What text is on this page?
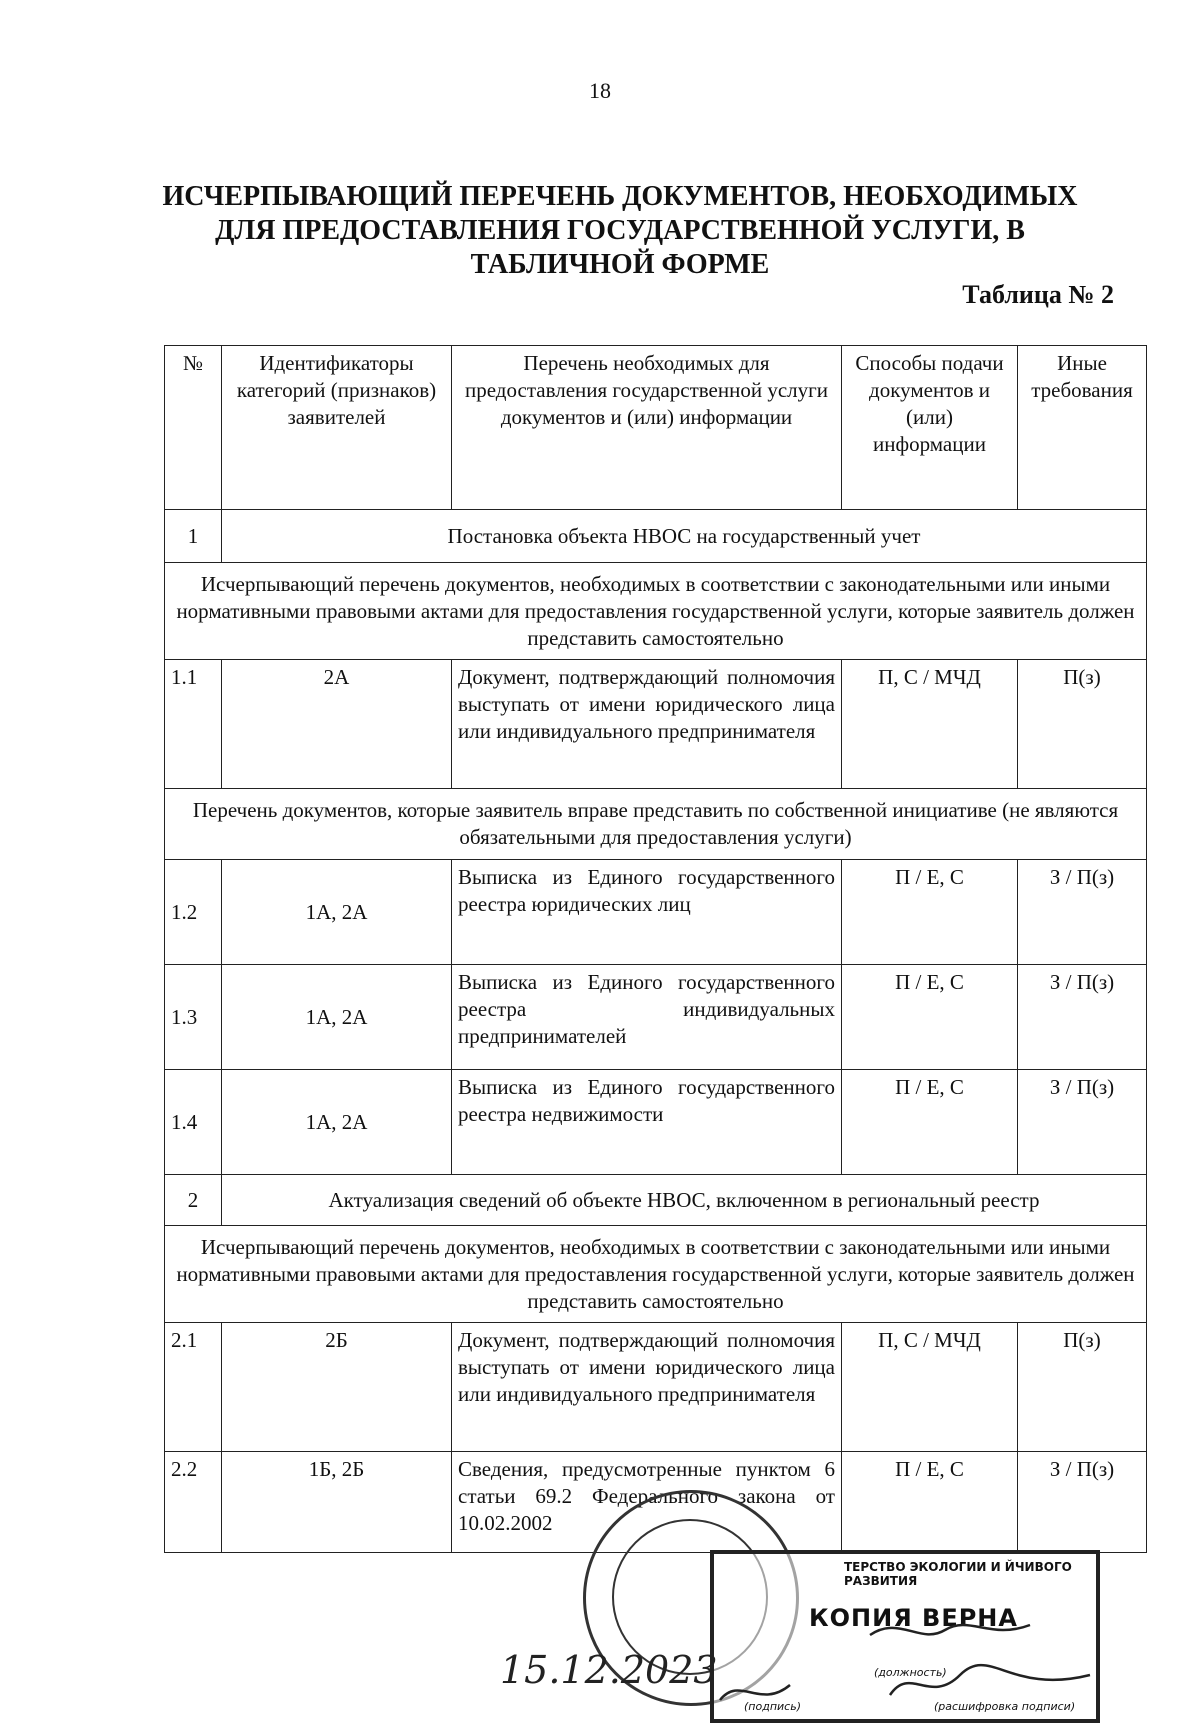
18
ИСЧЕРПЫВАЮЩИЙ ПЕРЕЧЕНЬ ДОКУМЕНТОВ, НЕОБХОДИМЫХ ДЛЯ ПРЕДОСТАВЛЕНИЯ ГОСУДАРСТВЕННОЙ УСЛУГИ, В ТАБЛИЧНОЙ ФОРМЕ
Таблица № 2
№	Идентификаторы категорий (признаков) заявителей	Перечень необходимых для предоставления государственной услуги документов и (или) информации	Способы подачи документов и (или) информации	Иные требования
1	Постановка объекта НВОС на государственный учет			
Исчерпывающий перечень документов, необходимых в соответствии с законодательными или иными нормативными правовыми актами для предоставления государственной услуги, которые заявитель должен представить самостоятельно				
1.1	2А	Документ, подтверждающий полномочия выступать от имени юридического лица или индивидуального предпринимателя	П, С / МЧД	П(з)
Перечень документов, которые заявитель вправе представить по собственной инициативе (не являются обязательными для предоставления услуги)				
1.2	1А, 2А	Выписка из Единого государственного реестра юридических лиц	П / Е, С	З / П(з)
1.3	1А, 2А	Выписка из Единого государственного реестра индивидуальных предпринимателей	П / Е, С	З / П(з)
1.4	1А, 2А	Выписка из Единого государственного реестра недвижимости	П / Е, С	З / П(з)
2	Актуализация сведений об объекте НВОС, включенном в региональный реестр			
Исчерпывающий перечень документов, необходимых в соответствии с законодательными или иными нормативными правовыми актами для предоставления государственной услуги, которые заявитель должен представить самостоятельно				
2.1	2Б	Документ, подтверждающий полномочия выступать от имени юридического лица или индивидуального предпринимателя	П, С / МЧД	П(з)
2.2	1Б, 2Б	Сведения, предусмотренные пунктом 6 статьи 69.2 Федерального закона от 10.02.2002	П / Е, С	З / П(з)
ТЕРСТВО ЭКОЛОГИИ И ЙЧИВОГО РАЗВИТИЯ
КОПИЯ ВЕРНА
(должность)
(подпись)	(расшифровка подписи)
15.12.2023
